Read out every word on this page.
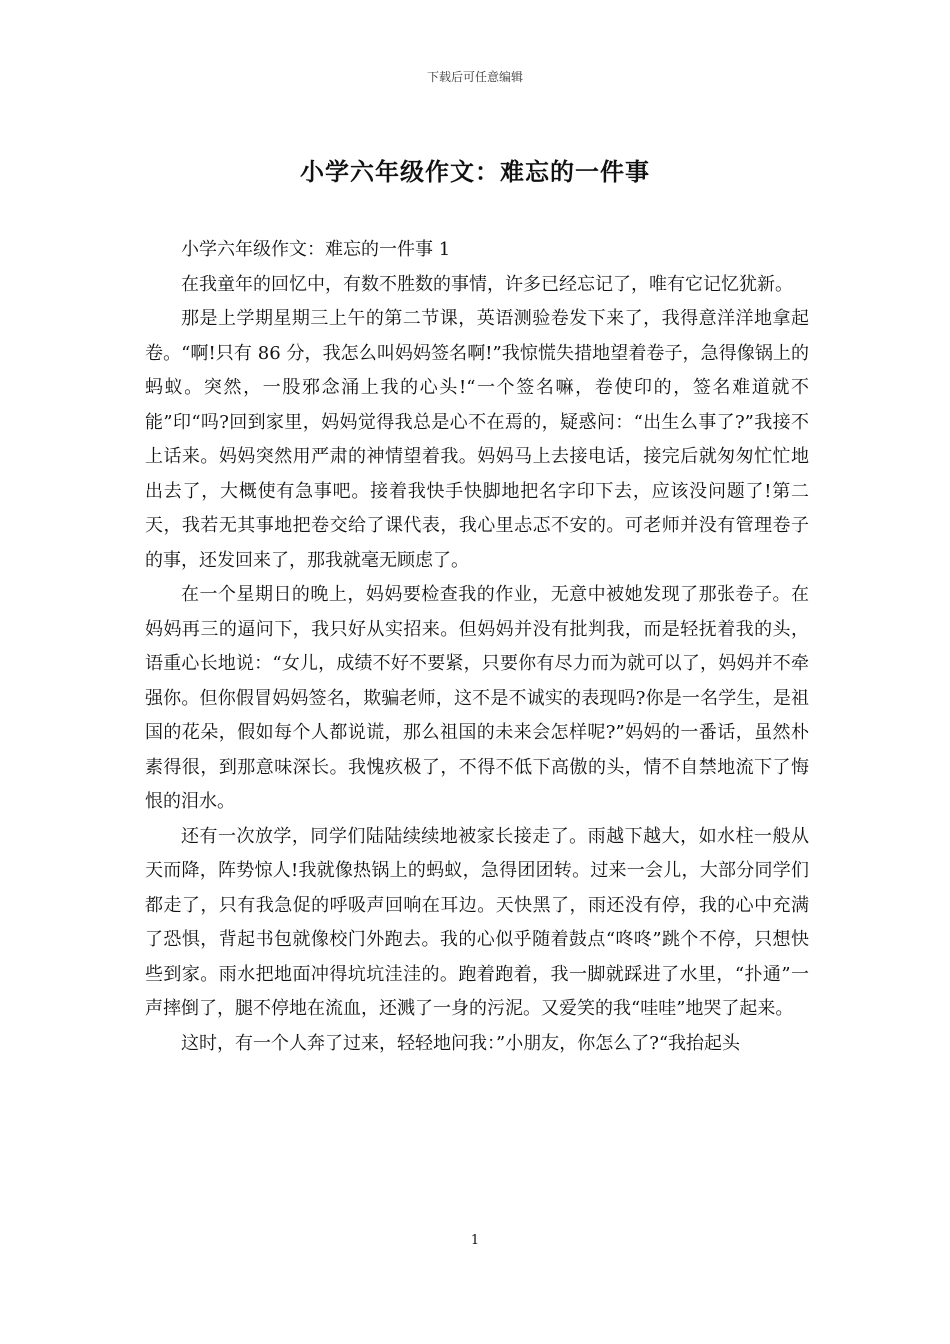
下载后可任意编辑
小学六年级作文：难忘的一件事

小学六年级作文：难忘的一件事 1

在我童年的回忆中，有数不胜数的事情，许多已经忘记了，唯有它记忆犹新。

那是上学期星期三上午的第二节课，英语测验卷发下来了，我得意洋洋地拿起卷。“啊!只有 86 分，我怎么叫妈妈签名啊!”我惊慌失措地望着卷子，急得像锅上的蚂蚁。突然，一股邪念涌上我的心头!“一个签名嘛，卷使印的，签名难道就不能”印“吗?回到家里，妈妈觉得我总是心不在焉的，疑惑问：“出生么事了?”我接不上话来。妈妈突然用严肃的神情望着我。妈妈马上去接电话，接完后就匆匆忙忙地出去了，大概使有急事吧。接着我快手快脚地把名字印下去，应该没问题了!第二天，我若无其事地把卷交给了课代表，我心里忐忑不安的。可老师并没有管理卷子的事，还发回来了，那我就毫无顾虑了。

在一个星期日的晚上，妈妈要检查我的作业，无意中被她发现了那张卷子。在妈妈再三的逼问下，我只好从实招来。但妈妈并没有批判我，而是轻抚着我的头，语重心长地说：“女儿，成绩不好不要紧，只要你有尽力而为就可以了，妈妈并不牵强你。但你假冒妈妈签名，欺骗老师，这不是不诚实的表现吗?你是一名学生，是祖国的花朵，假如每个人都说谎，那么祖国的未来会怎样呢?”妈妈的一番话，虽然朴素得很，到那意味深长。我愧疚极了，不得不低下高傲的头，情不自禁地流下了悔恨的泪水。

还有一次放学，同学们陆陆续续地被家长接走了。雨越下越大，如水柱一般从天而降，阵势惊人!我就像热锅上的蚂蚁，急得团团转。过来一会儿，大部分同学们都走了，只有我急促的呼吸声回响在耳边。天快黑了，雨还没有停，我的心中充满了恐惧，背起书包就像校门外跑去。我的心似乎随着鼓点“咚咚”跳个不停，只想快些到家。雨水把地面冲得坑坑洼洼的。跑着跑着，我一脚就踩进了水里，“扑通”一声摔倒了，腿不停地在流血，还溅了一身的污泥。又爱笑的我“哇哇”地哭了起来。

这时，有一个人奔了过来，轻轻地问我：”小朋友，你怎么了?“我抬起头

1
